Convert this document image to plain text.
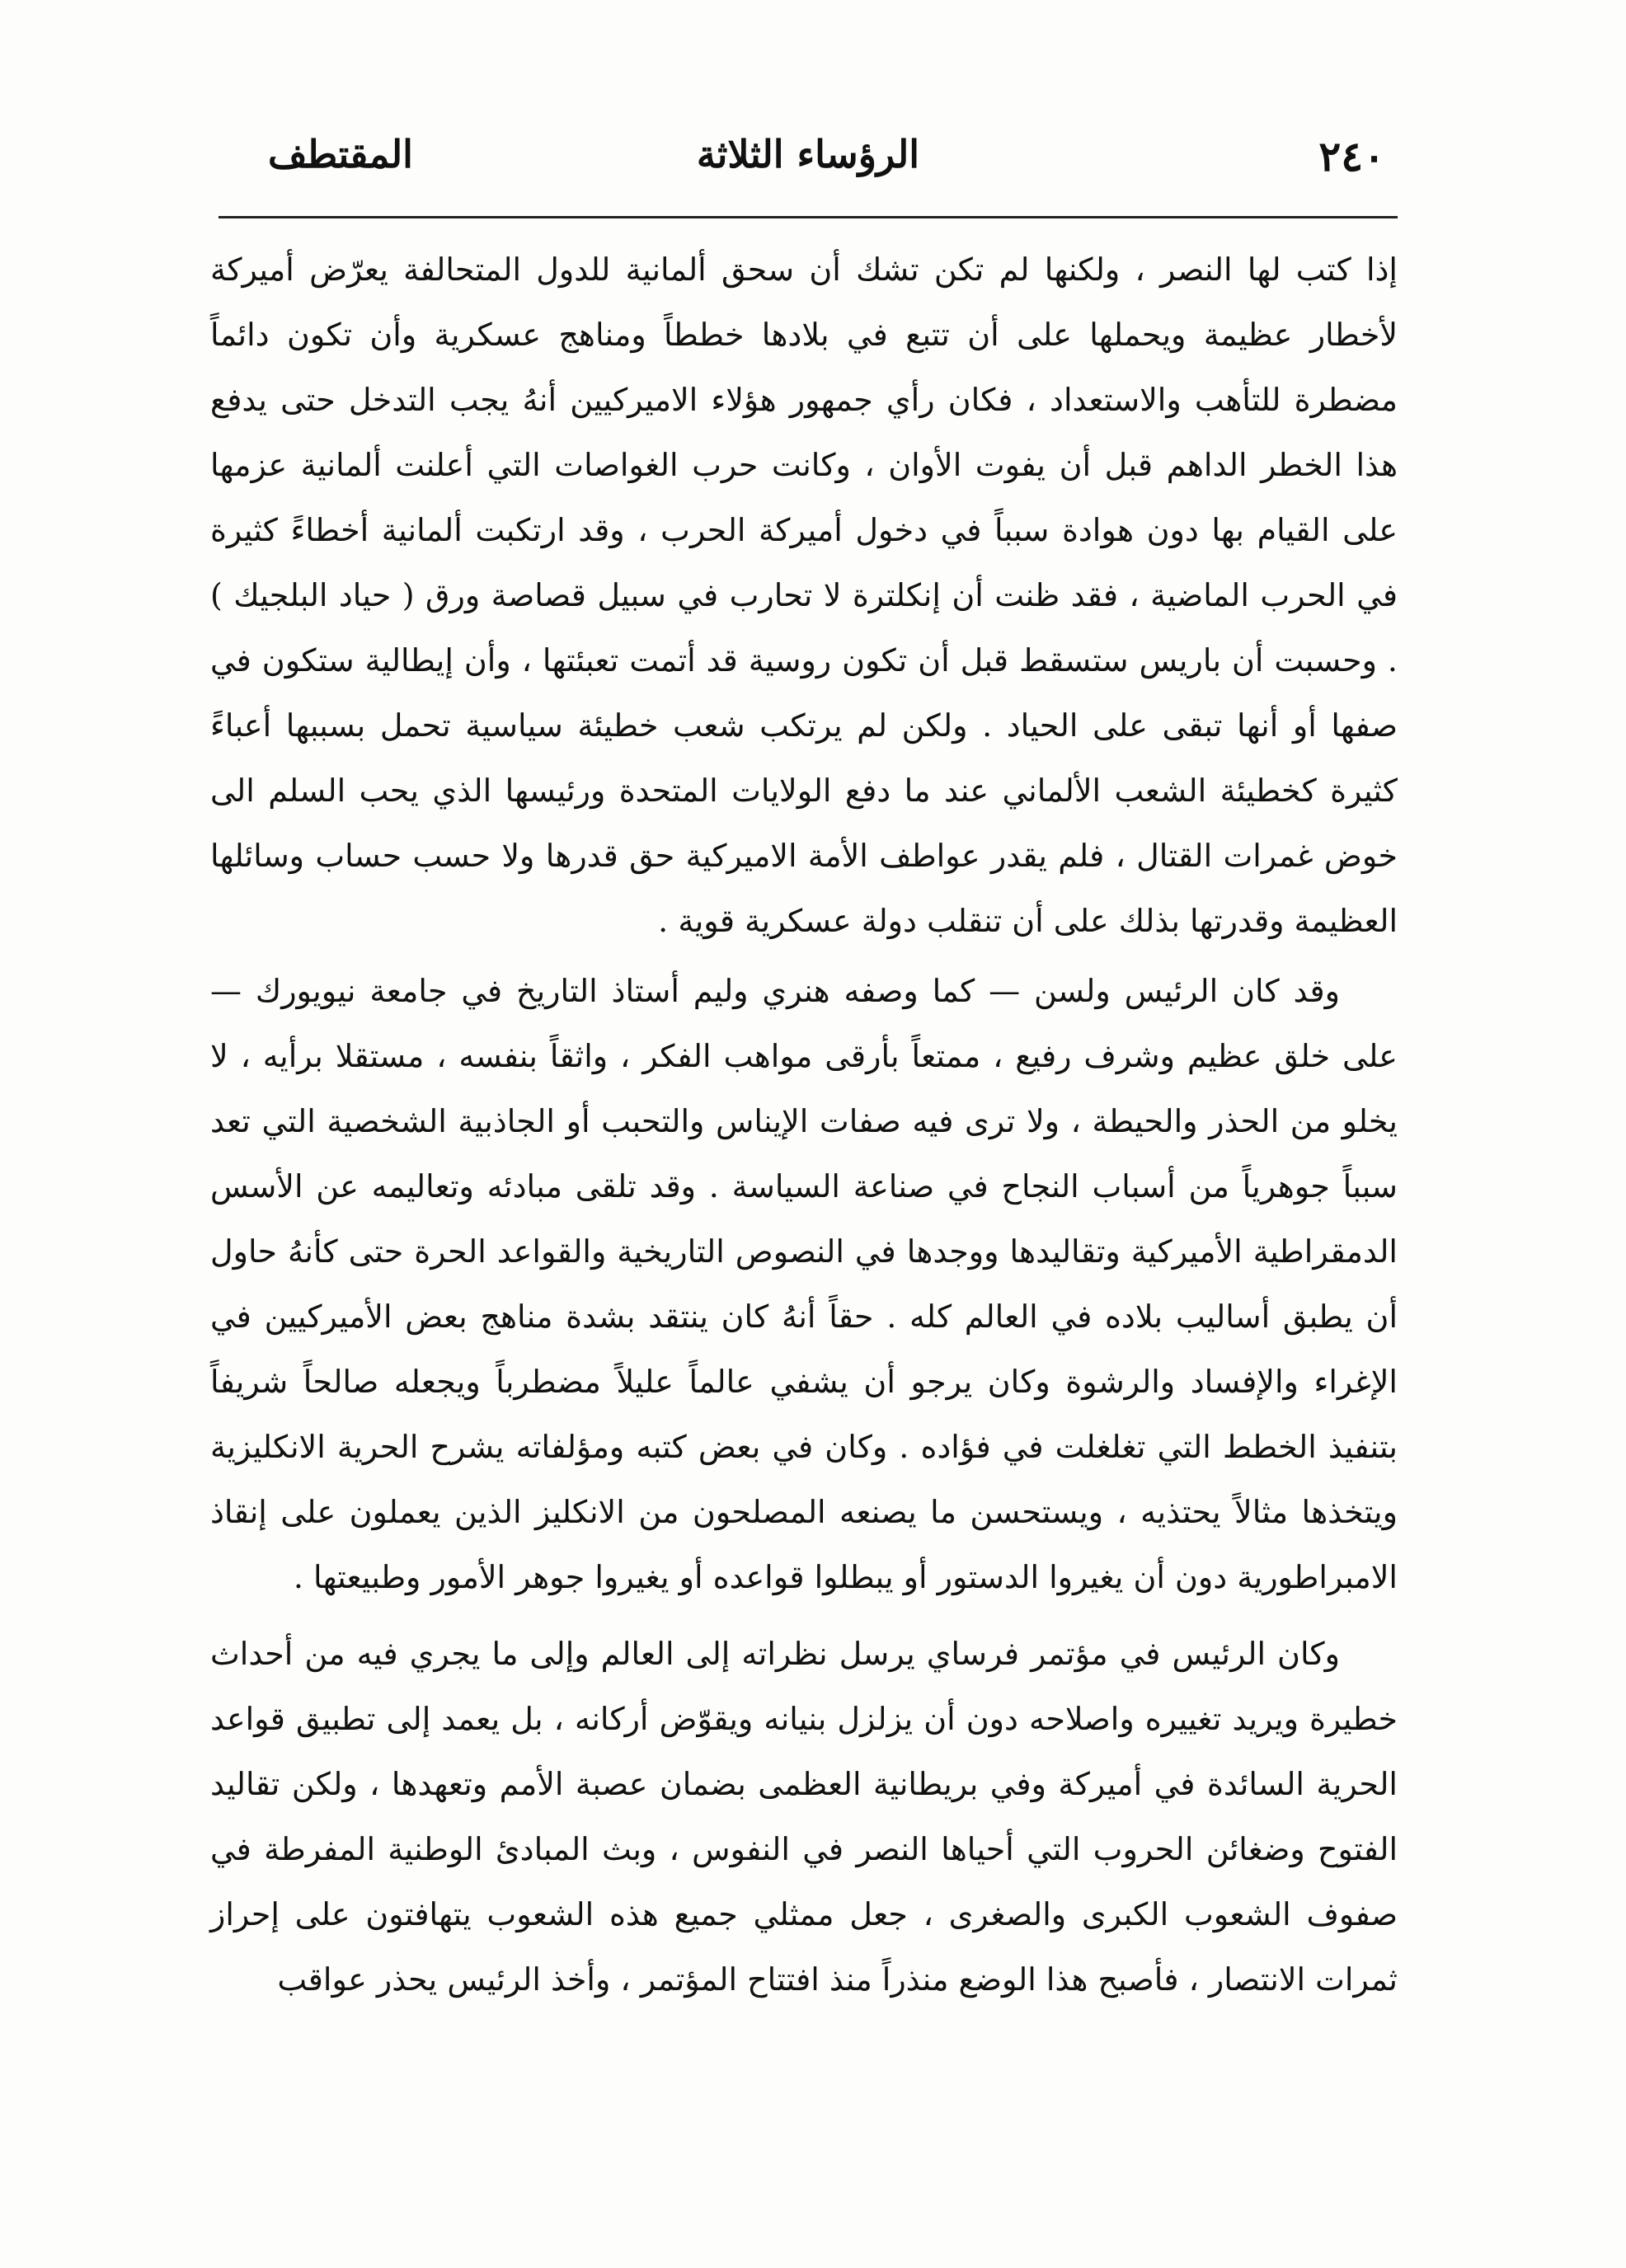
٢٤٠
الرؤساء الثلاثة
المقتطف

إذا كتب لها النصر ، ولكنها لم تكن تشك أن سحق ألمانية للدول المتحالفة يعرّض أميركة لأخطار عظيمة ويحملها على أن تتبع في بلادها خططاً ومناهج عسكرية وأن تكون دائماً مضطرة للتأهب والاستعداد ، فكان رأي جمهور هؤلاء الاميركيين أنهُ يجب التدخل حتى يدفع هذا الخطر الداهم قبل أن يفوت الأوان ، وكانت حرب الغواصات التي أعلنت ألمانية عزمها على القيام بها دون هوادة سبباً في دخول أميركة الحرب ، وقد ارتكبت ألمانية أخطاءً كثيرة في الحرب الماضية ، فقد ظنت أن إنكلترة لا تحارب في سبيل قصاصة ورق ( حياد البلجيك ) . وحسبت أن باريس ستسقط قبل أن تكون روسية قد أتمت تعبئتها ، وأن إيطالية ستكون في صفها أو أنها تبقى على الحياد . ولكن لم يرتكب شعب خطيئة سياسية تحمل بسببها أعباءً كثيرة كخطيئة الشعب الألماني عند ما دفع الولايات المتحدة ورئيسها الذي يحب السلم الى خوض غمرات القتال ، فلم يقدر عواطف الأمة الاميركية حق قدرها ولا حسب حساب وسائلها العظيمة وقدرتها بذلك على أن تنقلب دولة عسكرية قوية .

وقد كان الرئيس ولسن — كما وصفه هنري وليم أستاذ التاريخ في جامعة نيويورك — على خلق عظيم وشرف رفيع ، ممتعاً بأرقى مواهب الفكر ، واثقاً بنفسه ، مستقلا برأيه ، لا يخلو من الحذر والحيطة ، ولا ترى فيه صفات الإيناس والتحبب أو الجاذبية الشخصية التي تعد سبباً جوهرياً من أسباب النجاح في صناعة السياسة . وقد تلقى مبادئه وتعاليمه عن الأسس الدمقراطية الأميركية وتقاليدها ووجدها في النصوص التاريخية والقواعد الحرة حتى كأنهُ حاول أن يطبق أساليب بلاده في العالم كله . حقاً أنهُ كان ينتقد بشدة مناهج بعض الأميركيين في الإغراء والإفساد والرشوة وكان يرجو أن يشفي عالماً عليلاً مضطرباً ويجعله صالحاً شريفاً بتنفيذ الخطط التي تغلغلت في فؤاده . وكان في بعض كتبه ومؤلفاته يشرح الحرية الانكليزية ويتخذها مثالاً يحتذيه ، ويستحسن ما يصنعه المصلحون من الانكليز الذين يعملون على إنقاذ الامبراطورية دون أن يغيروا الدستور أو يبطلوا قواعده أو يغيروا جوهر الأمور وطبيعتها .

وكان الرئيس في مؤتمر فرساي يرسل نظراته إلى العالم وإلى ما يجري فيه من أحداث خطيرة ويريد تغييره واصلاحه دون أن يزلزل بنيانه ويقوّض أركانه ، بل يعمد إلى تطبيق قواعد الحرية السائدة في أميركة وفي بريطانية العظمى بضمان عصبة الأمم وتعهدها ، ولكن تقاليد الفتوح وضغائن الحروب التي أحياها النصر في النفوس ، وبث المبادئ الوطنية المفرطة في صفوف الشعوب الكبرى والصغرى ، جعل ممثلي جميع هذه الشعوب يتهافتون على إحراز ثمرات الانتصار ، فأصبح هذا الوضع منذراً منذ افتتاح المؤتمر ، وأخذ الرئيس يحذر عواقب
